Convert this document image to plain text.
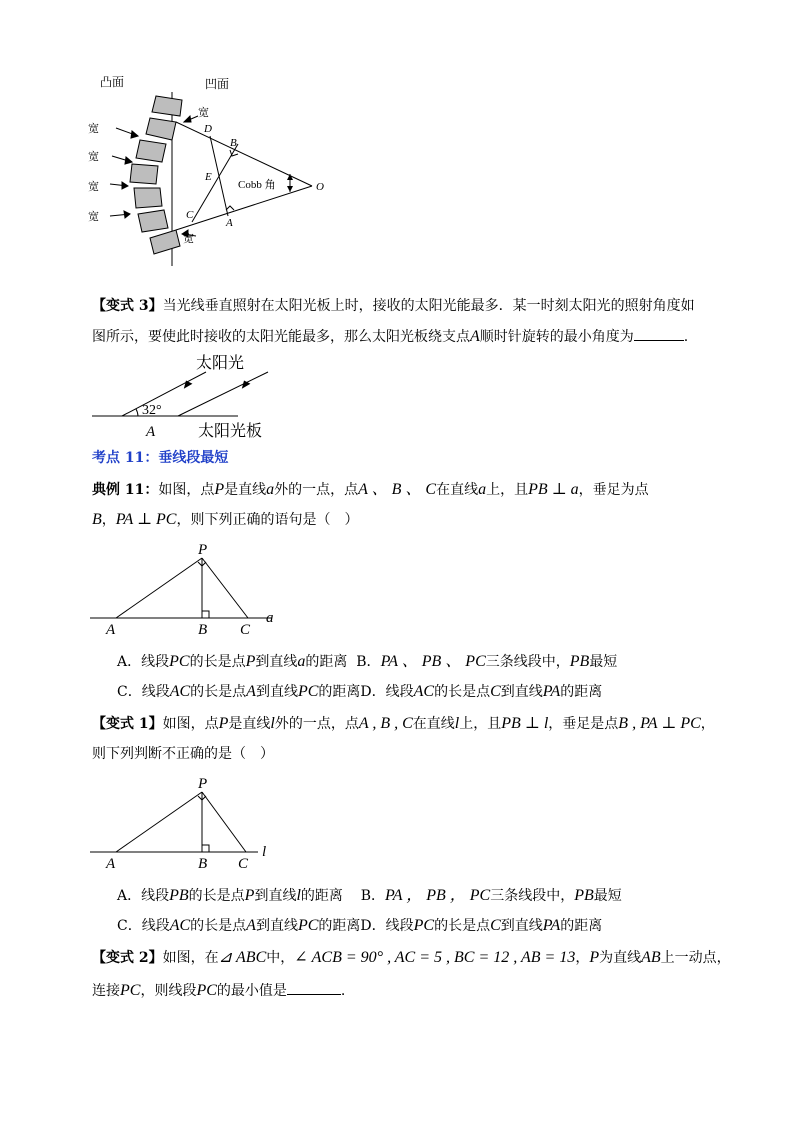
凸面	凹面
宽
宽
宽
宽
宽
宽
Cobb 角
D
B
E
C
A
O
【变式 3】当光线垂直照射在太阳光板上时，接收的太阳光能最多．某一时刻太阳光的照射角度如
图所示，要使此时接收的太阳光能最多，那么太阳光板绕支点A顺时针旋转的最小角度为	.
太阳光
32°
A	太阳光板
考点 11：垂线段最短
典例 11：如图，点P是直线a外的一点，点A 、 B 、 C在直线a上，且PB ⊥ a，垂足为点
B，PA ⊥ PC，则下列正确的语句是（　）
P
A	B C
a
A．线段PC的长是点P到直线a的距离 B．PA 、 PB 、 PC三条线段中，PB最短
C．线段AC的长是点A到直线PC的距离D．线段AC的长是点C到直线PA的距离
【变式 1】如图，点P是直线l外的一点，点A , B , C在直线l上，且PB ⊥ l，垂足是点B , PA ⊥ PC，
则下列判断不正确的是（　）
P
A	B C
l
A．线段PB的长是点P到直线l的距离 B．PA ， PB ， PC三条线段中，PB最短
C．线段AC的长是点A到直线PC的距离D．线段PC的长是点C到直线PA的距离
【变式 2】如图，在⊿ ABC中，∠ ACB = 90° , AC = 5 , BC = 12 , AB = 13，P为直线AB上一动点，
连接PC，则线段PC的最小值是	.
